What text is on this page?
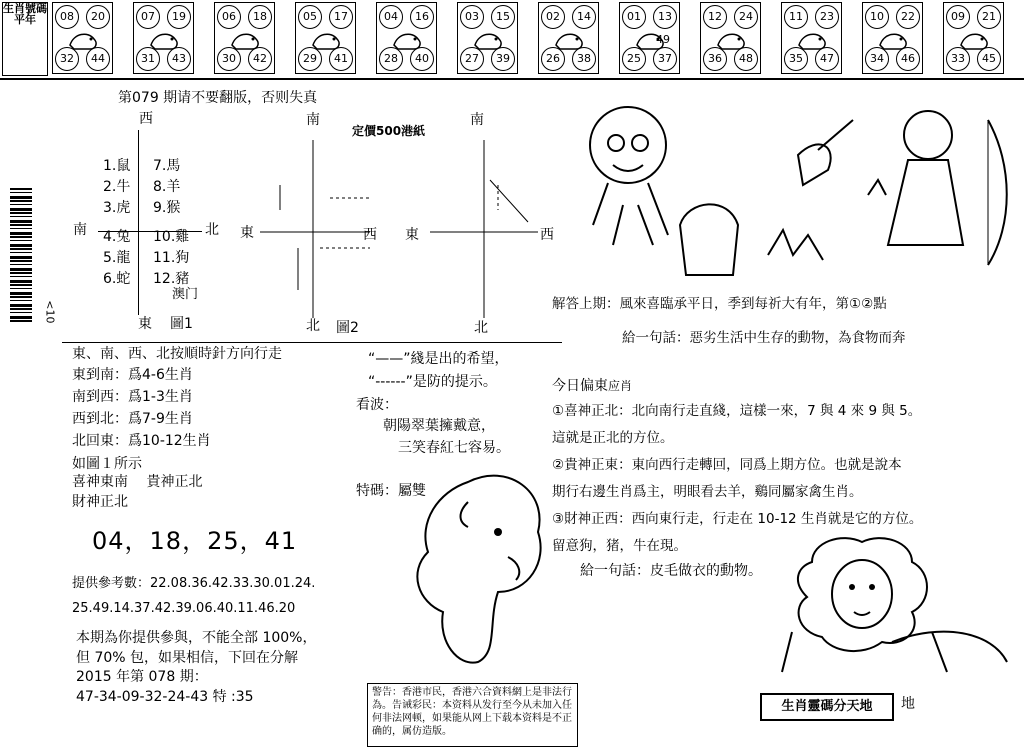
生肖號碼平年	08	20
32	44
07	19
31	43
06	18
30	42
05	17
29	41
04	16
28	40
03	15
27	39
02	14
26	38
01	13
25	37
49
12	24
36	48
11	23
35	47
10	22
34	46
09	21
33	45
第079 期请不要翻版，否则失真
<10
西
南	北
東 圖1
1.鼠
2.牛
3.虎
4.兔
5.龍
6.蛇
7.馬
8.羊
9.猴
10.雞
11.狗
12.豬
澳门
定價500港紙
南
東	西
北 圖2
南
東	西
北
東、南、西、北按順時針方向行走
東到南：爲4-6生肖
南到西：爲1-3生肖
西到北：爲7-9生肖
北回東：爲10-12生肖
如圖１所示
喜神東南　 貴神正北
財神正北
“——”綫是出的希望，
“------”是防的提示。
看波：
朝陽翠葉擁戴意，
三笑春紅七容易。
特碼：屬雙
04，18，25，41
提供參考數：22.08.36.42.33.30.01.24.
25.49.14.37.42.39.06.40.11.46.20
本期為你提供參與，不能全部 100%，
但 70% 包，如果相信，下回在分解
2015 年第 078 期：
47-34-09-32-24-43 特 :35
解答上期：風來喜臨承平日，季到每祈大有年，第①②點
給一句話：惡劣生活中生存的動物，為食物而奔
今日偏東应肖
①喜神正北：北向南行走直綫，這樣一來，7 與 4 來 9 與 5。
這就是正北的方位。
②貴神正東：東向西行走轉回，同爲上期方位。也就是說本
期行右邊生肖爲主，明眼看去羊，鷄同屬家禽生肖。
③財神正西：西向東行走，行走在 10-12 生肖就是它的方位。
留意狗，猪，牛在現。
給一句話：皮毛做衣的動物。
警告：香港市民，香港六合資料網上是非法行為。告诫彩民：本资料从发行至今从未加入任何非法网顿，如果能从网上下载本资料是不正确的，属仿造版。
生肖靈碼分天地	地
